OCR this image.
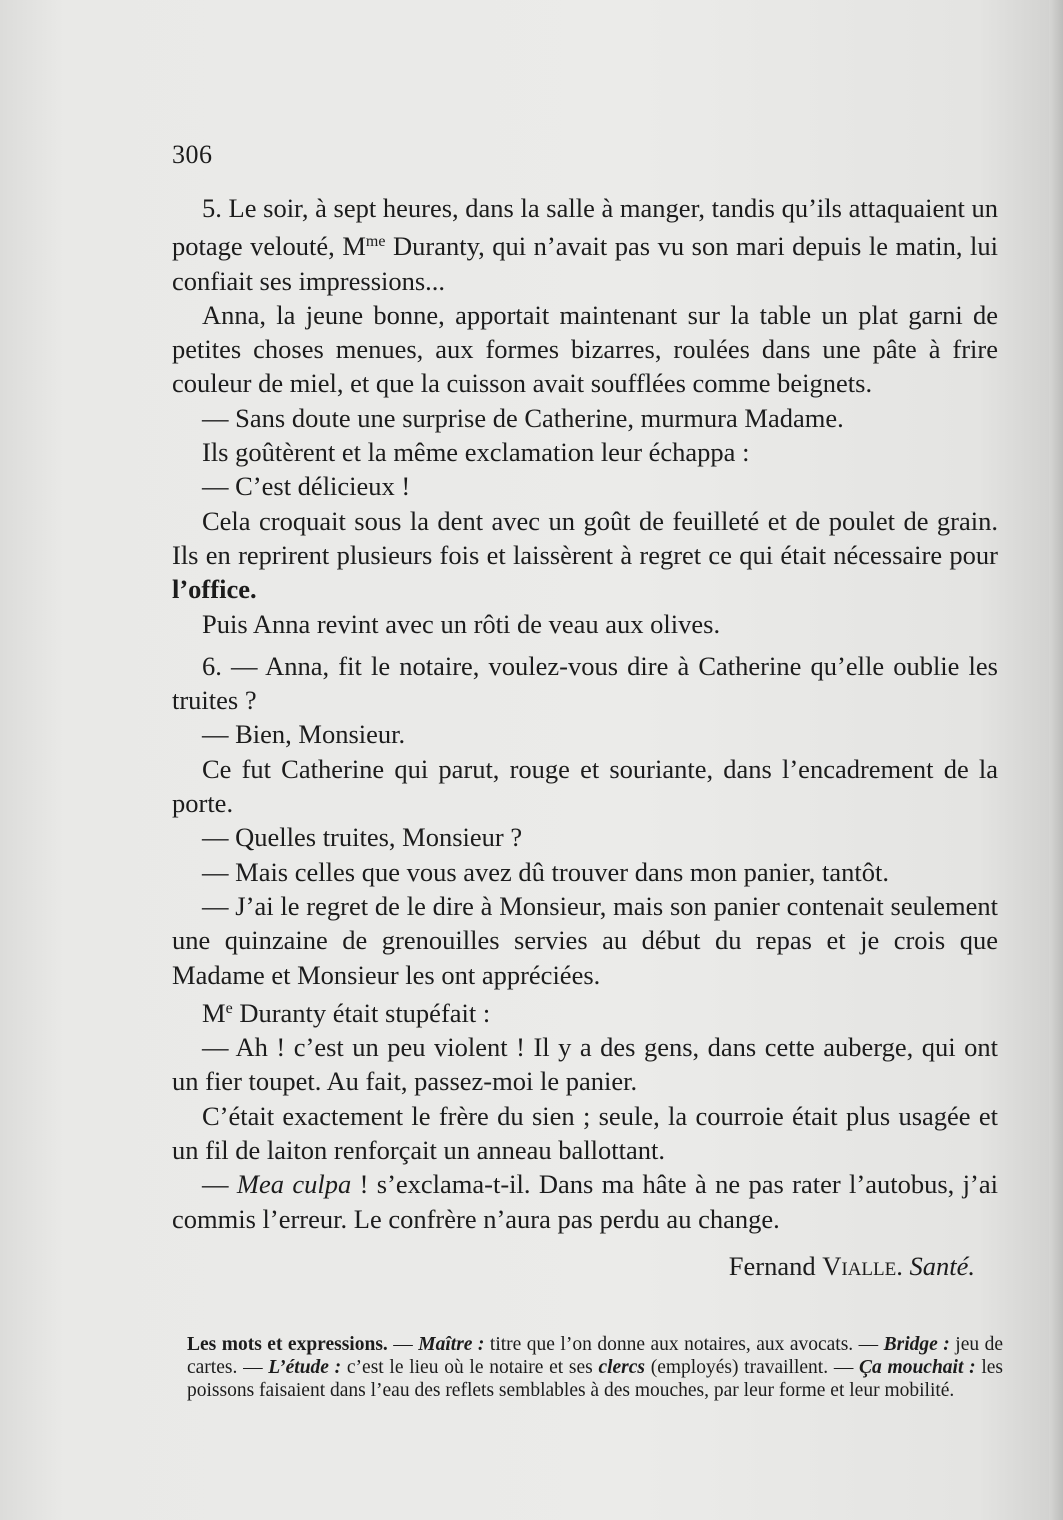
306

5. Le soir, à sept heures, dans la salle à manger, tandis qu’ils attaquaient un potage velouté, $M^{me}$ Duranty, qui n’avait pas vu son mari depuis le matin, lui confiait ses impressions...

Anna, la jeune bonne, apportait maintenant sur la table un plat garni de petites choses menues, aux formes bizarres, roulées dans une pâte à frire couleur de miel, et que la cuisson avait soufflées comme beignets.

— Sans doute une surprise de Catherine, murmura Madame.

Ils goûtèrent et la même exclamation leur échappa :

— C’est délicieux !

Cela croquait sous la dent avec un goût de feuilleté et de poulet de grain. Ils en reprirent plusieurs fois et laissèrent à regret ce qui était nécessaire pour l’office.

Puis Anna revint avec un rôti de veau aux olives.

6. — Anna, fit le notaire, voulez-vous dire à Catherine qu’elle oublie les truites ?

— Bien, Monsieur.

Ce fut Catherine qui parut, rouge et souriante, dans l’encadrement de la porte.

— Quelles truites, Monsieur ?

— Mais celles que vous avez dû trouver dans mon panier, tantôt.

— J’ai le regret de le dire à Monsieur, mais son panier contenait seulement une quinzaine de grenouilles servies au début du repas et je crois que Madame et Monsieur les ont appréciées.

Me Duranty était stupéfait :

— Ah ! c’est un peu violent ! Il y a des gens, dans cette auberge, qui ont un fier toupet. Au fait, passez-moi le panier.

C’était exactement le frère du sien ; seule, la courroie était plus usagée et un fil de laiton renforçait un anneau ballottant.

— Mea culpa ! s’exclama-t-il. Dans ma hâte à ne pas rater l’autobus, j’ai commis l’erreur. Le confrère n’aura pas perdu au change.

Fernand Vialle. Santé.
Les mots et expressions. — Maître : titre que l’on donne aux notaires, aux avocats. — Bridge : jeu de cartes. — L’étude : c’est le lieu où le notaire et ses clercs (employés) travaillent. — Ça mouchait : les poissons faisaient dans l’eau des reflets semblables à des mouches, par leur forme et leur mobilité.
